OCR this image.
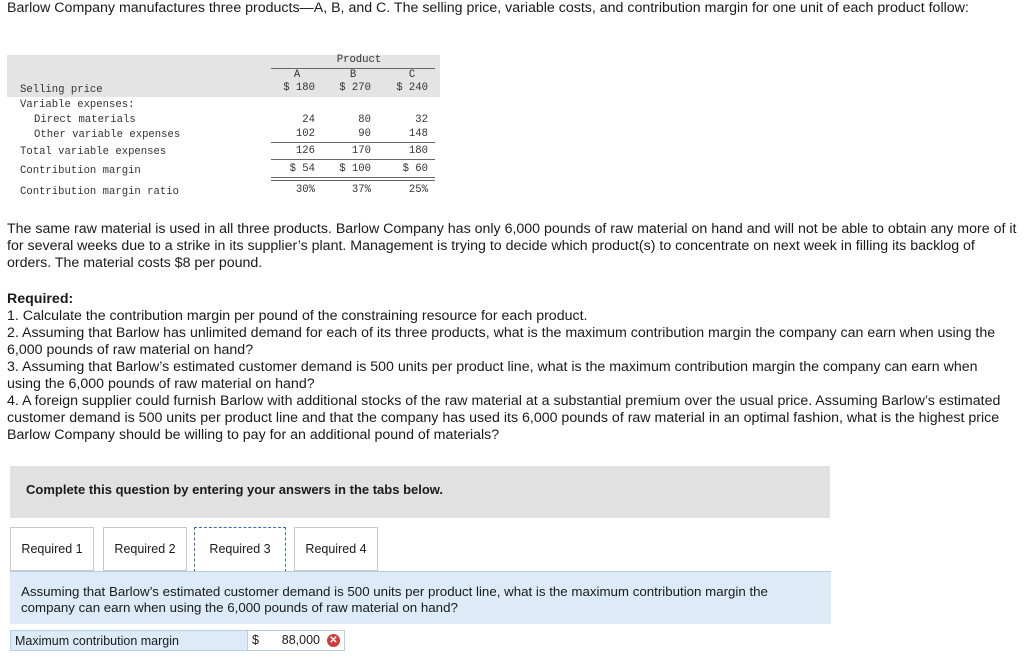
Barlow Company manufactures three products—A, B, and C. The selling price, variable costs, and contribution margin for one unit of each product follow:
Product
A	B	C
Selling price	$ 180	$ 270	$ 240
Variable expenses:
Direct materials	24	80	32
Other variable expenses	102	90	148
Total variable expenses	126	170	180
Contribution margin	$ 54	$ 100	$ 60
Contribution margin ratio	30%	37%	25%
The same raw material is used in all three products. Barlow Company has only 6,000 pounds of raw material on hand and will not be able to obtain any more of it for several weeks due to a strike in its supplier’s plant. Management is trying to decide which product(s) to concentrate on next week in filling its backlog of orders. The material costs $8 per pound.
Required:

1. Calculate the contribution margin per pound of the constraining resource for each product.

2. Assuming that Barlow has unlimited demand for each of its three products, what is the maximum contribution margin the company can earn when using the 6,000 pounds of raw material on hand?

3. Assuming that Barlow’s estimated customer demand is 500 units per product line, what is the maximum contribution margin the company can earn when using the 6,000 pounds of raw material on hand?

4. A foreign supplier could furnish Barlow with additional stocks of the raw material at a substantial premium over the usual price. Assuming Barlow’s estimated customer demand is 500 units per product line and that the company has used its 6,000 pounds of raw material in an optimal fashion, what is the highest price Barlow Company should be willing to pay for an additional pound of materials?

Complete this question by entering your answers in the tabs below.
Required 1	Required 2	Required 3	Required 4
Assuming that Barlow’s estimated customer demand is 500 units per product line, what is the maximum contribution margin the company can earn when using the 6,000 pounds of raw material on hand?
Maximum contribution margin	$ 88,000 ✕
